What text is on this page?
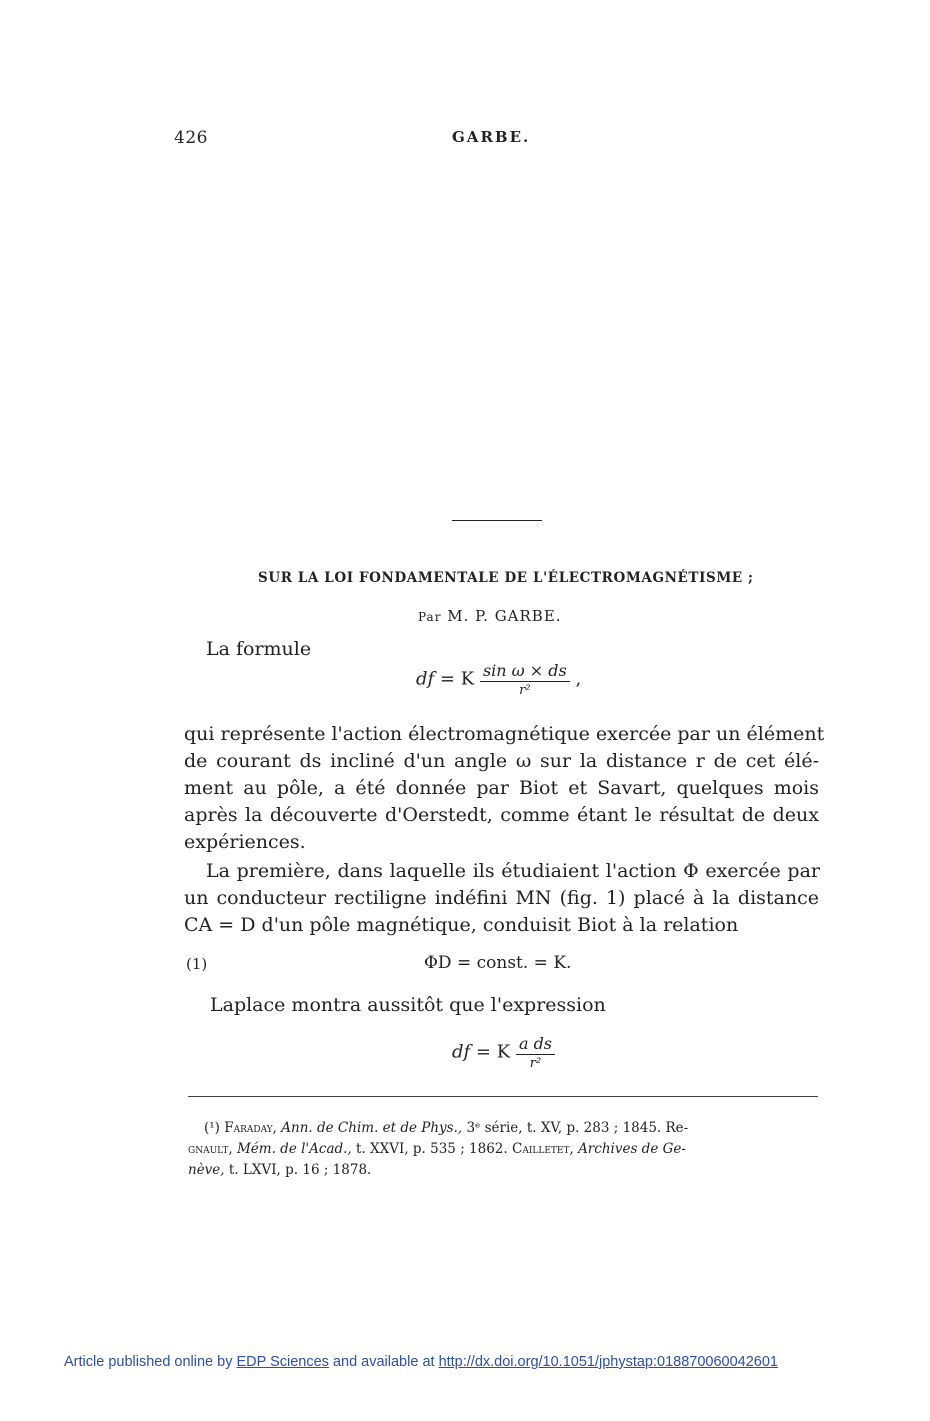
426	GARBE.
SUR LA LOI FONDAMENTALE DE L'ÉLECTROMAGNÉTISME ;
Par M. P. GARBE.
La formule
df = K $\frac{\text{sin ω × ds}}{\text{r²}}$ ,
qui représente l'action électromagnétique exercée par un élément
de courant ds incliné d'un angle ω sur la distance r de cet élé-
ment au pôle, a été donnée par Biot et Savart, quelques mois
après la découverte d'Oerstedt, comme étant le résultat de deux
expériences.
La première, dans laquelle ils étudiaient l'action Φ exercée par
un conducteur rectiligne indéfini MN (fig. 1) placé à la distance
CA = D d'un pôle magnétique, conduisit Biot à la relation
(1)	ΦD = const. = K.
Laplace montra aussitôt que l'expression
df = K $\frac{\text{a ds}}{\text{r²}}$
(¹) Faraday, Ann. de Chim. et de Phys., 3ᵉ série, t. XV, p. 283 ; 1845. Re-
gnault, Mém. de l'Acad., t. XXVI, p. 535 ; 1862. Cailletet, Archives de Ge-
nève, t. LXVI, p. 16 ; 1878.
Article published online by EDP Sciences and available at http://dx.doi.org/10.1051/jphystap:018870060042601
